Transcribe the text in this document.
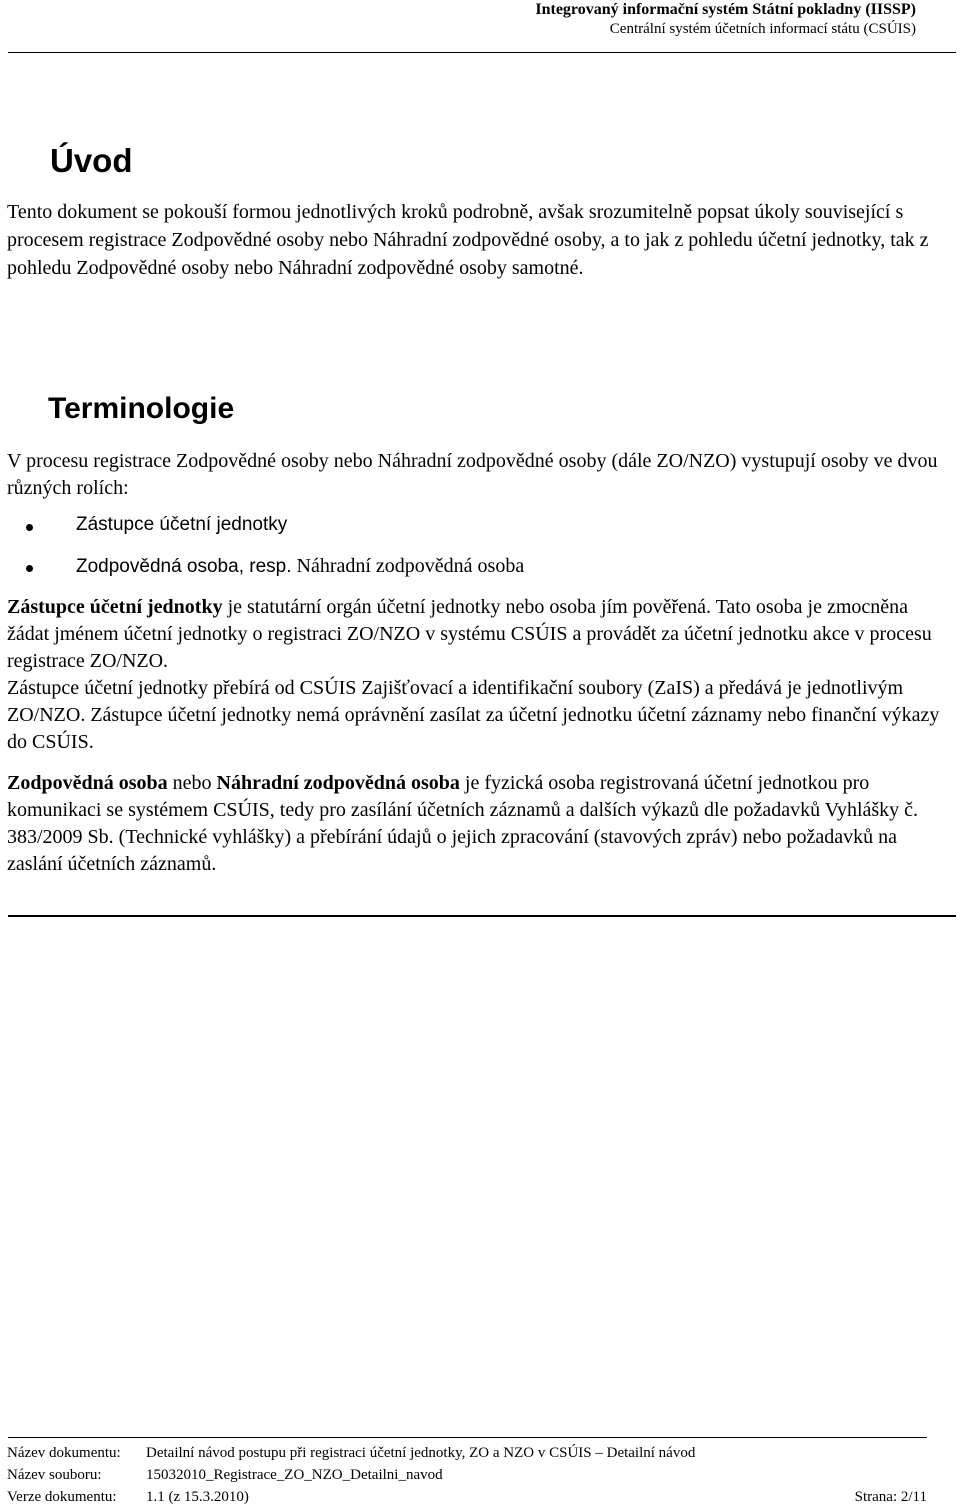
Integrovaný informační systém Státní pokladny (IISSP)
Centrální systém účetních informací státu (CSÚIS)
Úvod

Tento dokument se pokouší formou jednotlivých kroků podrobně, avšak srozumitelně popsat úkoly související s procesem registrace Zodpovědné osoby nebo Náhradní zodpovědné osoby, a to jak z pohledu účetní jednotky, tak z pohledu Zodpovědné osoby nebo Náhradní zodpovědné osoby samotné.

Terminologie

V procesu registrace Zodpovědné osoby nebo Náhradní zodpovědné osoby (dále ZO/NZO) vystupují osoby ve dvou různých rolích:

Zástupce účetní jednotky
Zodpovědná osoba, resp. Náhradní zodpovědná osoba

Zástupce účetní jednotky je statutární orgán účetní jednotky nebo osoba jím pověřená. Tato osoba je zmocněna žádat jménem účetní jednotky o registraci ZO/NZO v systému CSÚIS a provádět za účetní jednotku akce v procesu registrace ZO/NZO.
Zástupce účetní jednotky přebírá od CSÚIS Zajišťovací a identifikační soubory (ZaIS) a předává je jednotlivým ZO/NZO. Zástupce účetní jednotky nemá oprávnění zasílat za účetní jednotku účetní záznamy nebo finanční výkazy do CSÚIS.

Zodpovědná osoba nebo Náhradní zodpovědná osoba je fyzická osoba registrovaná účetní jednotkou pro komunikaci se systémem CSÚIS, tedy pro zasílání účetních záznamů a dalších výkazů dle požadavků Vyhlášky č. 383/2009 Sb. (Technické vyhlášky) a přebírání údajů o jejich zpracování (stavových zpráv) nebo požadavků na zaslání účetních záznamů.

Název dokumentu: Detailní návod postupu při registraci účetní jednotky, ZO a NZO v CSÚIS – Detailní návod
Název souboru:	15032010_Registrace_ZO_NZO_Detailni_navod
Verze dokumentu: 1.1 (z 15.3.2010)	Strana: 2/11
